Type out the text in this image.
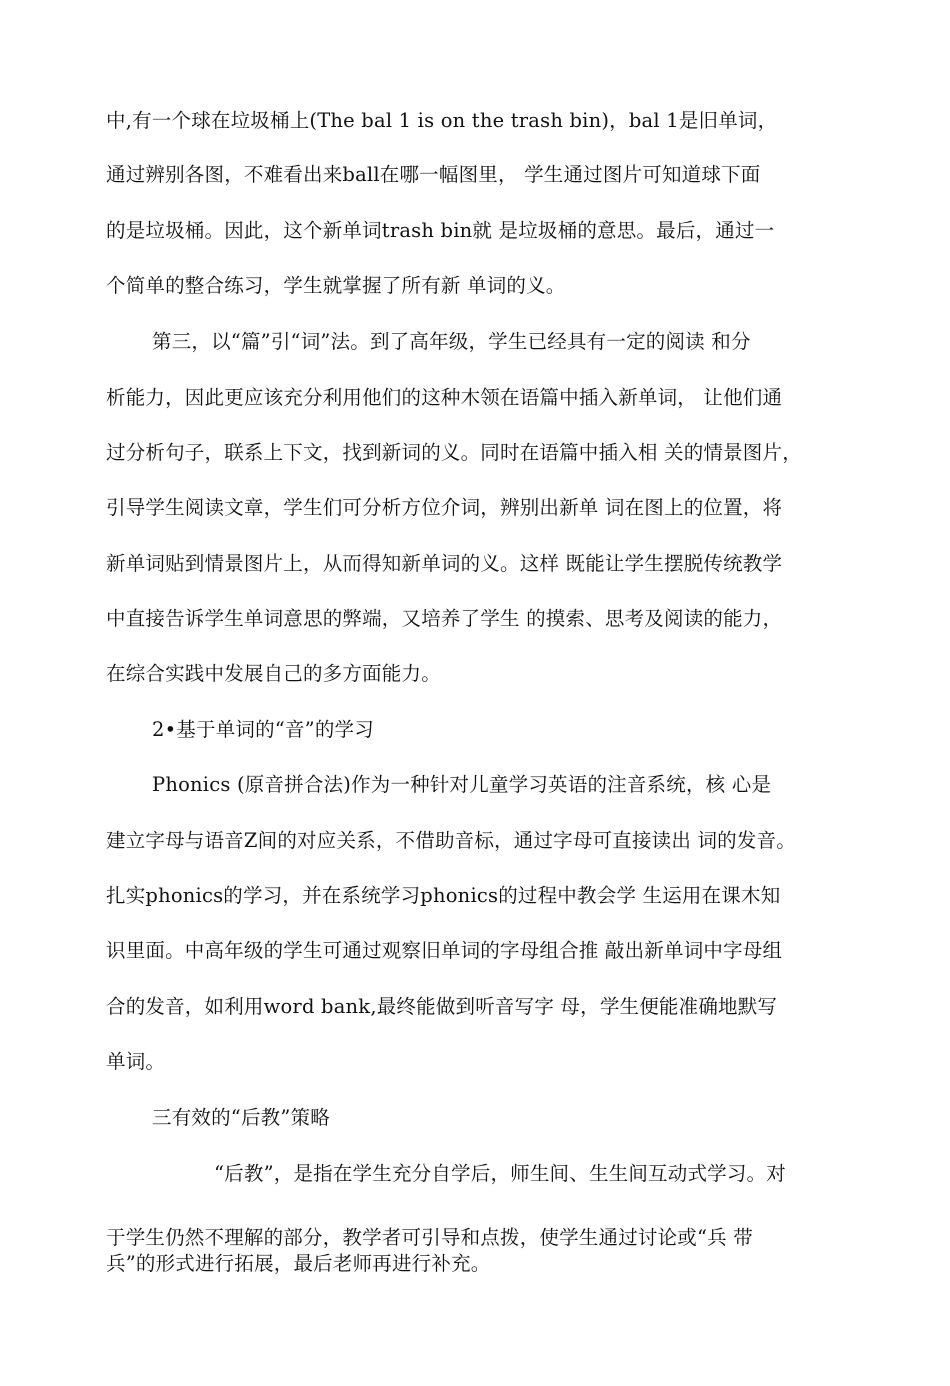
中,有一个球在垃圾桶上(The bal 1 is on the trash bin)，bal 1是旧单词，
通过辨别各图，不难看出来ball在哪一幅图里， 学生通过图片可知道球下面
的是垃圾桶。因此，这个新单词trash bin就 是垃圾桶的意思。最后，通过一
个简单的整合练习，学生就掌握了所有新 单词的义。
第三，以“篇”引“词”法。到了高年级，学生已经具有一定的阅读 和分
析能力，因此更应该充分利用他们的这种木领在语篇中插入新单词， 让他们通
过分析句子，联系上下文，找到新词的义。同时在语篇中插入相 关的情景图片，
引导学生阅读文章，学生们可分析方位介词，辨别出新单 词在图上的位置，将
新单词贴到情景图片上，从而得知新单词的义。这样 既能让学生摆脱传统教学
中直接告诉学生单词意思的弊端，又培养了学生 的摸索、思考及阅读的能力，
在综合实践中发展自己的多方面能力。
2•基于单词的“音”的学习
Phonics (原音拼合法)作为一种针对儿童学习英语的注音系统，核 心是
建立字母与语音Z间的对应关系，不借助音标，通过字母可直接读出 词的发音。
扎实phonics的学习，并在系统学习phonics的过程中教会学 生运用在课木知
识里面。中高年级的学生可通过观察旧单词的字母组合推 敲出新单词中字母组
合的发音，如利用word bank,最终能做到听音写字 母，学生便能准确地默写
单词。
三有效的“后教”策略
“后教”，是指在学生充分自学后，师生间、生生间互动式学习。对
于学生仍然不理解的部分，教学者可引导和点拨，使学生通过讨论或“兵 带
兵”的形式进行拓展，最后老师再进行补充。
